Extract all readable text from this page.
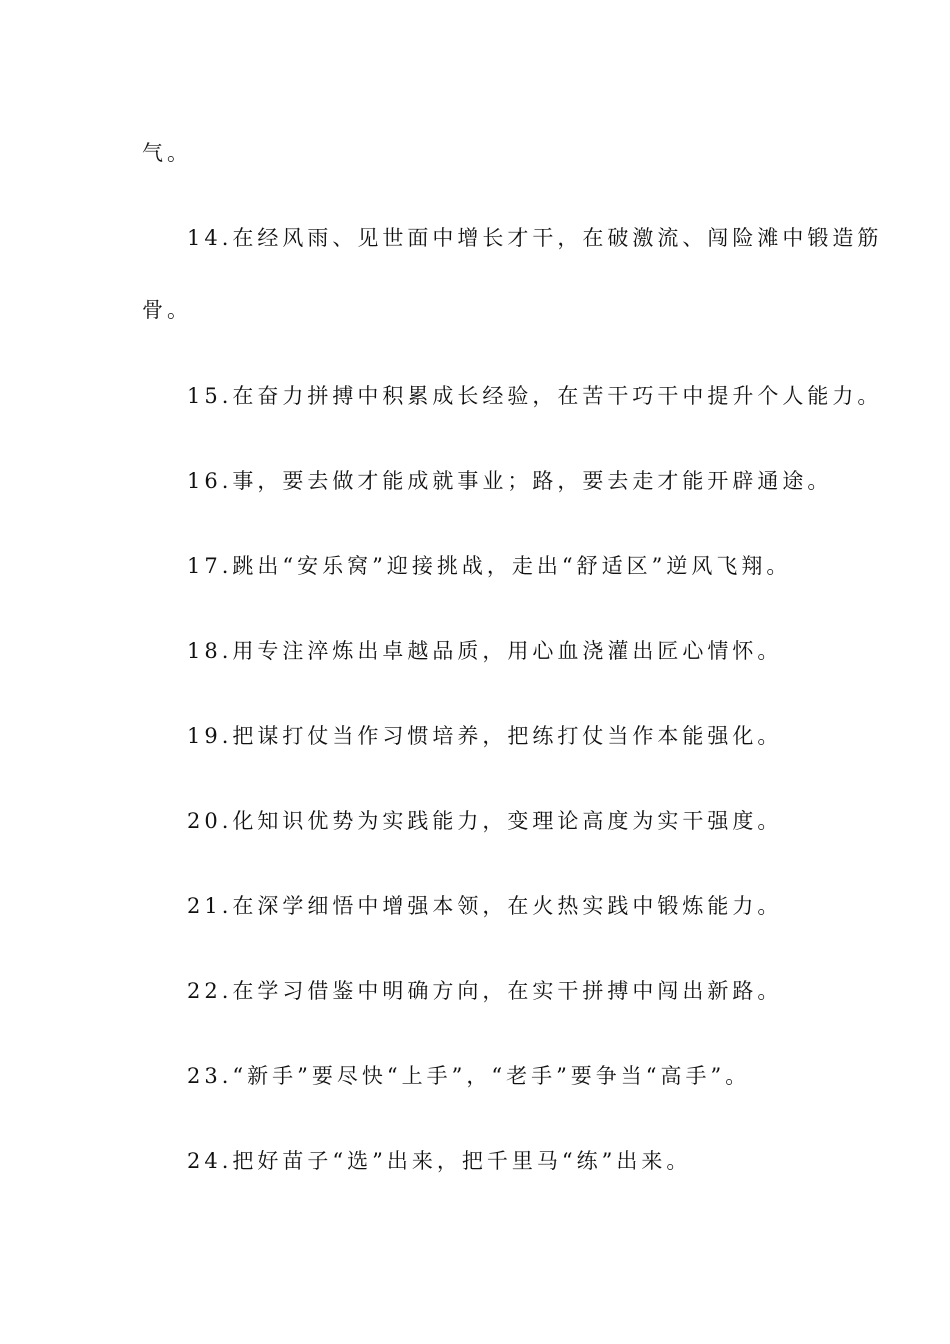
气。
14.在经风雨、见世面中增长才干，在破激流、闯险滩中锻造筋
骨。
15.在奋力拼搏中积累成长经验，在苦干巧干中提升个人能力。
16.事，要去做才能成就事业；路，要去走才能开辟通途。
17.跳出“安乐窝”迎接挑战，走出“舒适区”逆风飞翔。
18.用专注淬炼出卓越品质，用心血浇灌出匠心情怀。
19.把谋打仗当作习惯培养，把练打仗当作本能强化。
20.化知识优势为实践能力，变理论高度为实干强度。
21.在深学细悟中增强本领，在火热实践中锻炼能力。
22.在学习借鉴中明确方向，在实干拼搏中闯出新路。
23.“新手”要尽快“上手”，“老手”要争当“高手”。
24.把好苗子“选”出来，把千里马“练”出来。
